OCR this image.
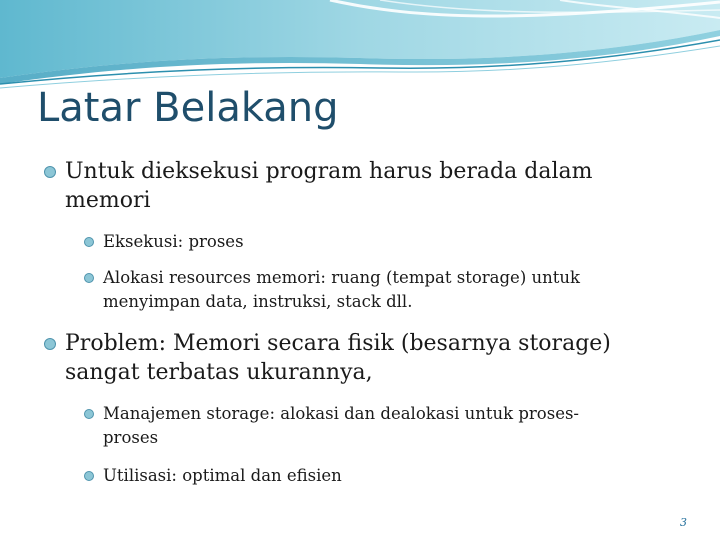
Latar Belakang
Untuk dieksekusi program harus berada dalam
memori
Eksekusi: proses
Alokasi resources memori: ruang (tempat storage) untuk
menyimpan data, instruksi, stack dll.
Problem: Memori secara fisik (besarnya storage)
sangat terbatas ukurannya,
Manajemen storage: alokasi dan dealokasi untuk proses-
proses
Utilisasi: optimal dan efisien
3
